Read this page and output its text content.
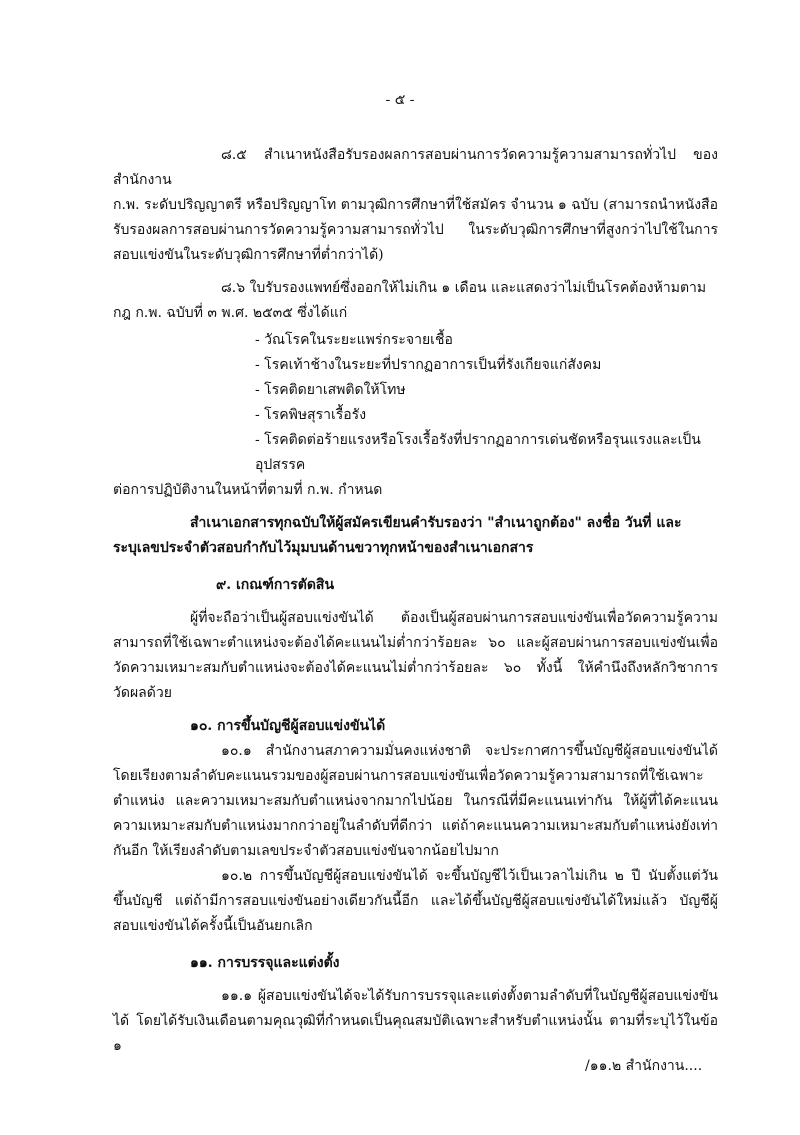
- ๕ -

๘.๕ สำเนาหนังสือรับรองผลการสอบผ่านการวัดความรู้ความสามารถทั่วไป ของสำนักงาน

ก.พ. ระดับปริญญาตรี หรือปริญญาโท ตามวุฒิการศึกษาที่ใช้สมัคร จำนวน ๑ ฉบับ (สามารถนำหนังสือรับรองผลการสอบผ่านการวัดความรู้ความสามารถทั่วไป ในระดับวุฒิการศึกษาที่สูงกว่าไปใช้ในการสอบแข่งขันในระดับวุฒิการศึกษาที่ต่ำกว่าได้)

๘.๖ ใบรับรองแพทย์ซึ่งออกให้ไม่เกิน ๑ เดือน และแสดงว่าไม่เป็นโรคต้องห้ามตาม

กฎ ก.พ. ฉบับที่ ๓ พ.ศ. ๒๕๓๕ ซึ่งได้แก่

- วัณโรคในระยะแพร่กระจายเชื้อ
- โรคเท้าช้างในระยะที่ปรากฏอาการเป็นที่รังเกียจแก่สังคม
- โรคติดยาเสพติดให้โทษ
- โรคพิษสุราเรื้อรัง
- โรคติดต่อร้ายแรงหรือโรงเรื้อรังที่ปรากฏอาการเด่นชัดหรือรุนแรงและเป็นอุปสรรค

ต่อการปฏิบัติงานในหน้าที่ตามที่ ก.พ. กำหนด

สำเนาเอกสารทุกฉบับให้ผู้สมัครเขียนคำรับรองว่า "สำเนาถูกต้อง" ลงชื่อ วันที่ และ

ระบุเลขประจำตัวสอบกำกับไว้มุมบนด้านขวาทุกหน้าของสำเนาเอกสาร

๙. เกณฑ์การตัดสิน

ผู้ที่จะถือว่าเป็นผู้สอบแข่งขันได้ ต้องเป็นผู้สอบผ่านการสอบแข่งขันเพื่อวัดความรู้ความสามารถที่ใช้เฉพาะตำแหน่งจะต้องได้คะแนนไม่ต่ำกว่าร้อยละ ๖๐ และผู้สอบผ่านการสอบแข่งขันเพื่อวัดความเหมาะสมกับตำแหน่งจะต้องได้คะแนนไม่ต่ำกว่าร้อยละ ๖๐ ทั้งนี้ ให้คำนึงถึงหลักวิชาการวัดผลด้วย

๑๐. การขึ้นบัญชีผู้สอบแข่งขันได้

๑๐.๑ สำนักงานสภาความมั่นคงแห่งชาติ จะประกาศการขึ้นบัญชีผู้สอบแข่งขันได้โดยเรียงตามลำดับคะแนนรวมของผู้สอบผ่านการสอบแข่งขันเพื่อวัดความรู้ความสามารถที่ใช้เฉพาะตำแหน่ง และความเหมาะสมกับตำแหน่งจากมากไปน้อย ในกรณีที่มีคะแนนเท่ากัน ให้ผู้ที่ได้คะแนนความเหมาะสมกับตำแหน่งมากกว่าอยู่ในลำดับที่ดีกว่า แต่ถ้าคะแนนความเหมาะสมกับตำแหน่งยังเท่ากันอีก ให้เรียงลำดับตามเลขประจำตัวสอบแข่งขันจากน้อยไปมาก

๑๐.๒ การขึ้นบัญชีผู้สอบแข่งขันได้ จะขึ้นบัญชีไว้เป็นเวลาไม่เกิน ๒ ปี นับตั้งแต่วันขึ้นบัญชี แต่ถ้ามีการสอบแข่งขันอย่างเดียวกันนี้อีก และได้ขึ้นบัญชีผู้สอบแข่งขันได้ใหม่แล้ว บัญชีผู้สอบแข่งขันได้ครั้งนี้เป็นอันยกเลิก

๑๑. การบรรจุและแต่งตั้ง

๑๑.๑ ผู้สอบแข่งขันได้จะได้รับการบรรจุและแต่งตั้งตามลำดับที่ในบัญชีผู้สอบแข่งขันได้ โดยได้รับเงินเดือนตามคุณวุฒิที่กำหนดเป็นคุณสมบัติเฉพาะสำหรับตำแหน่งนั้น ตามที่ระบุไว้ในข้อ ๑

/๑๑.๒ สำนักงาน....
